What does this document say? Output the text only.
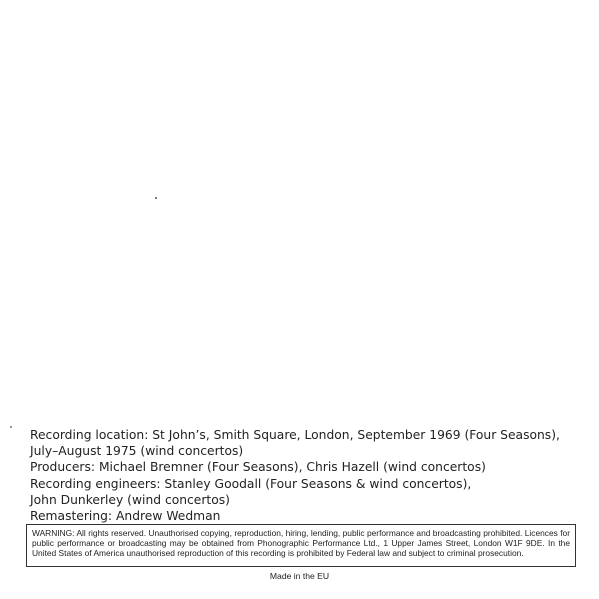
Recording location: St John’s, Smith Square, London, September 1969 (Four Seasons),
July–August 1975 (wind concertos)
Producers: Michael Bremner (Four Seasons), Chris Hazell (wind concertos)
Recording engineers: Stanley Goodall (Four Seasons & wind concertos),
John Dunkerley (wind concertos)
Remastering: Andrew Wedman
WARNING: All rights reserved. Unauthorised copying, reproduction, hiring, lending, public performance and broadcasting prohibited. Licences for public performance or broadcasting may be obtained from Phonographic Performance Ltd., 1 Upper James Street, London W1F 9DE. In the United States of America unauthorised reproduction of this recording is prohibited by Federal law and subject to criminal prosecution.
Made in the EU
